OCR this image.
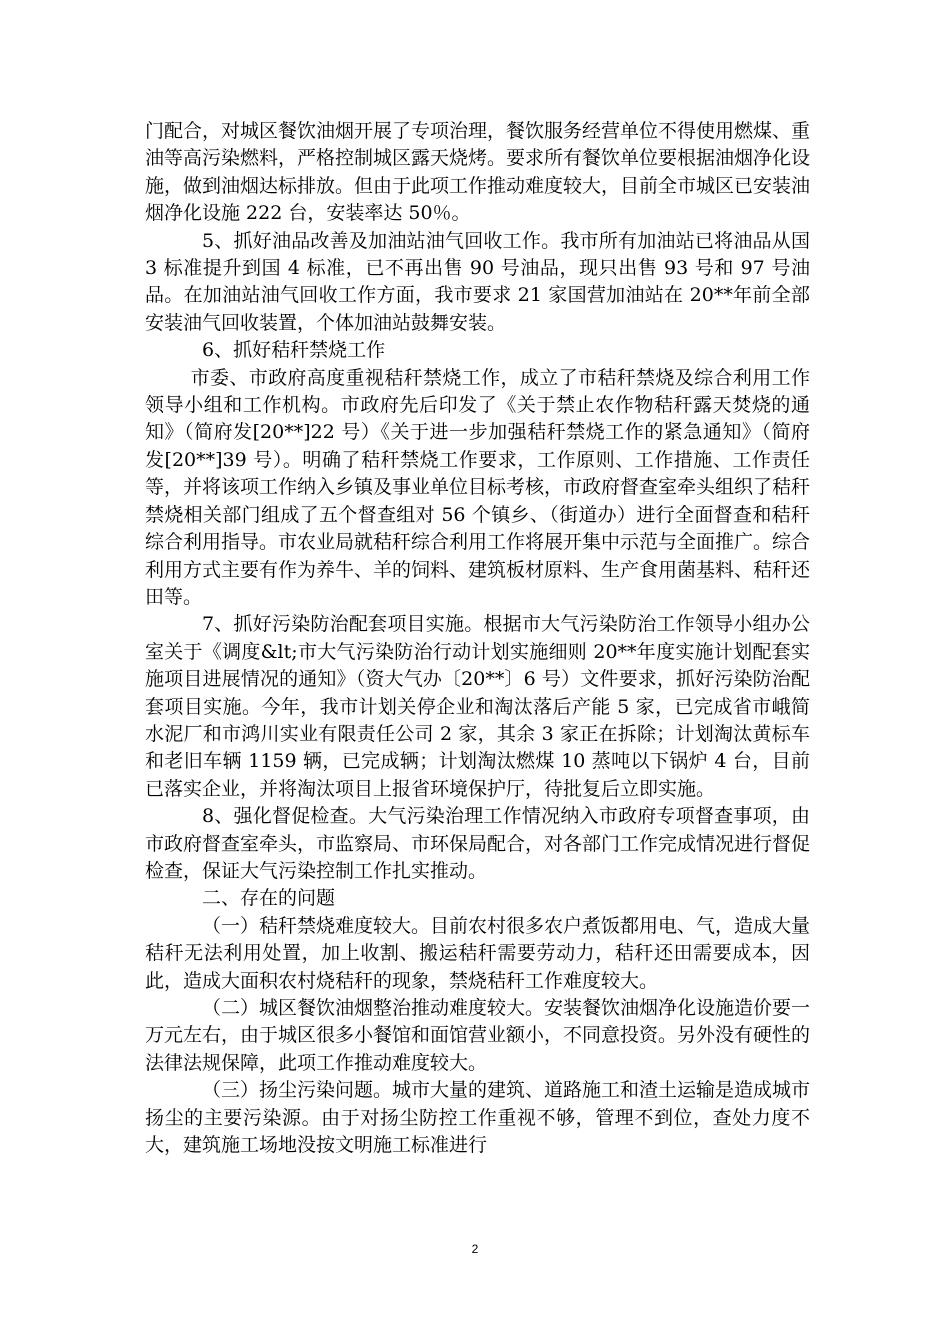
门配合，对城区餐饮油烟开展了专项治理，餐饮服务经营单位不得使用燃煤、重油等高污染燃料，严格控制城区露天烧烤。要求所有餐饮单位要根据油烟净化设施，做到油烟达标排放。但由于此项工作推动难度较大，目前全市城区已安装油烟净化设施 222 台，安装率达 50％。

5、抓好油品改善及加油站油气回收工作。我市所有加油站已将油品从国 3 标准提升到国 4 标准，已不再出售 90 号油品，现只出售 93 号和 97 号油品。在加油站油气回收工作方面，我市要求 21 家国营加油站在 20**年前全部安装油气回收装置，个体加油站鼓舞安装。

6、抓好秸秆禁烧工作

市委、市政府高度重视秸秆禁烧工作，成立了市秸秆禁烧及综合利用工作领导小组和工作机构。市政府先后印发了《关于禁止农作物秸秆露天焚烧的通知》（简府发[20**]22 号）《关于进一步加强秸秆禁烧工作的紧急通知》（简府发[20**]39 号）。明确了秸秆禁烧工作要求，工作原则、工作措施、工作责任等，并将该项工作纳入乡镇及事业单位目标考核，市政府督查室牵头组织了秸秆禁烧相关部门组成了五个督查组对 56 个镇乡、（街道办）进行全面督查和秸秆综合利用指导。市农业局就秸秆综合利用工作将展开集中示范与全面推广。综合利用方式主要有作为养牛、羊的饲料、建筑板材原料、生产食用菌基料、秸秆还田等。

7、抓好污染防治配套项目实施。根据市大气污染防治工作领导小组办公室关于《调度&lt;市大气污染防治行动计划实施细则 20**年度实施计划配套实施项目进展情况的通知》（资大气办〔20**〕6 号）文件要求，抓好污染防治配套项目实施。今年，我市计划关停企业和淘汰落后产能 5 家，已完成省市峨简水泥厂和市鸿川实业有限责任公司 2 家，其余 3 家正在拆除；计划淘汰黄标车和老旧车辆 1159 辆，已完成辆；计划淘汰燃煤 10 蒸吨以下锅炉 4 台，目前已落实企业，并将淘汰项目上报省环境保护厅，待批复后立即实施。

8、强化督促检查。大气污染治理工作情况纳入市政府专项督查事项，由市政府督查室牵头，市监察局、市环保局配合，对各部门工作完成情况进行督促检查，保证大气污染控制工作扎实推动。

二、存在的问题

（一）秸秆禁烧难度较大。目前农村很多农户煮饭都用电、气，造成大量秸秆无法利用处置，加上收割、搬运秸秆需要劳动力，秸秆还田需要成本，因此，造成大面积农村烧秸秆的现象，禁烧秸秆工作难度较大。

（二）城区餐饮油烟整治推动难度较大。安装餐饮油烟净化设施造价要一万元左右，由于城区很多小餐馆和面馆营业额小，不同意投资。另外没有硬性的法律法规保障，此项工作推动难度较大。

（三）扬尘污染问题。城市大量的建筑、道路施工和渣土运输是造成城市扬尘的主要污染源。由于对扬尘防控工作重视不够，管理不到位，查处力度不大，建筑施工场地没按文明施工标准进行

2
